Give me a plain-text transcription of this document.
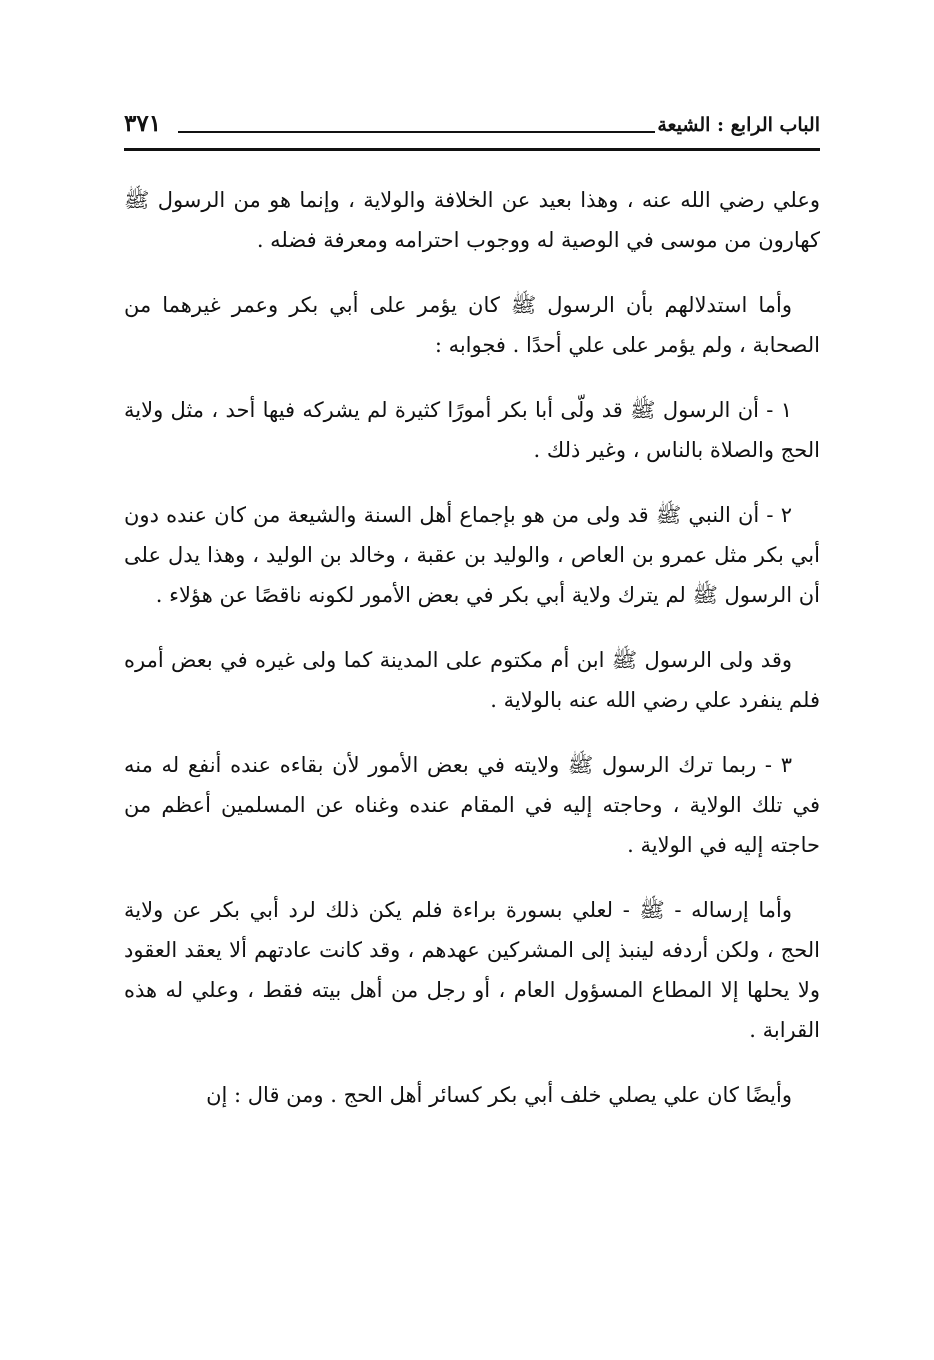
الباب الرابع : الشيعة
٣٧١

وعلي رضي الله عنه ، وهذا بعيد عن الخلافة والولاية ، وإنما هو من الرسول ﷺ كهارون من موسى في الوصية له ووجوب احترامه ومعرفة فضله .

وأما استدلالهم بأن الرسول ﷺ كان يؤمر على أبي بكر وعمر غيرهما من الصحابة ، ولم يؤمر على علي أحدًا . فجوابه :

١ - أن الرسول ﷺ قد ولّى أبا بكر أمورًا كثيرة لم يشركه فيها أحد ، مثل ولاية الحج والصلاة بالناس ، وغير ذلك .

٢ - أن النبي ﷺ قد ولى من هو بإجماع أهل السنة والشيعة من كان عنده دون أبي بكر مثل عمرو بن العاص ، والوليد بن عقبة ، وخالد بن الوليد ، وهذا يدل على أن الرسول ﷺ لم يترك ولاية أبي بكر في بعض الأمور لكونه ناقصًا عن هؤلاء .

وقد ولى الرسول ﷺ ابن أم مكتوم على المدينة كما ولى غيره في بعض أمره فلم ينفرد علي رضي الله عنه بالولاية .

٣ - ربما ترك الرسول ﷺ ولايته في بعض الأمور لأن بقاءه عنده أنفع له منه في تلك الولاية ، وحاجته إليه في المقام عنده وغناه عن المسلمين أعظم من حاجته إليه في الولاية .

وأما إرساله - ﷺ - لعلي بسورة براءة فلم يكن ذلك لرد أبي بكر عن ولاية الحج ، ولكن أردفه لينبذ إلى المشركين عهدهم ، وقد كانت عادتهم ألا يعقد العقود ولا يحلها إلا المطاع المسؤول العام ، أو رجل من أهل بيته فقط ، وعلي له هذه القرابة .

وأيضًا كان علي يصلي خلف أبي بكر كسائر أهل الحج . ومن قال : إن
